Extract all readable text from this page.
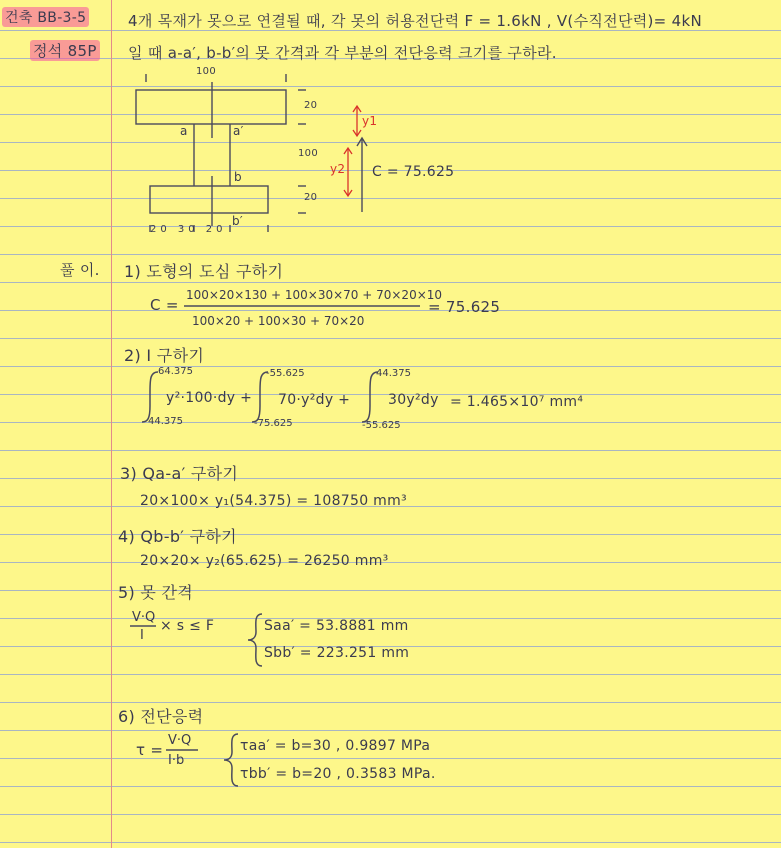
건축 BB-3-5
정석 85P
4개 목재가 못으로 연결될 때, 각 못의 허용전단력 F = 1.6kN , V(수직전단력)= 4kN
일 때 a-a′, b-b′의 못 간격과 각 부분의 전단응력 크기를 구하라.
100
20
100
20
a	a′
b
b′
20 30 20
y1
y2 C = 75.625
풀 이. 1) 도형의 도심 구하기
C =
100×20×130 + 100×30×70 + 70×20×10
100×20 + 100×30 + 70×20
= 75.625
2) I 구하기
64.375
44.375
y²·100·dy +
-55.625
-75.625
70·y²dy +
44.375
-55.625
30y²dy = 1.465×10⁷ mm⁴
3) Qa-a′ 구하기
20×100× y₁(54.375) = 108750 mm³
4) Qb-b′ 구하기
20×20× y₂(65.625) = 26250 mm³
5) 못 간격
V·Q
I
× s ≤ F	Saa′ = 53.8881 mm
Sbb′ = 223.251 mm
6) 전단응력
τ =
V·Q
I·b
τaa′ = b=30 , 0.9897 MPa
τbb′ = b=20 , 0.3583 MPa.
